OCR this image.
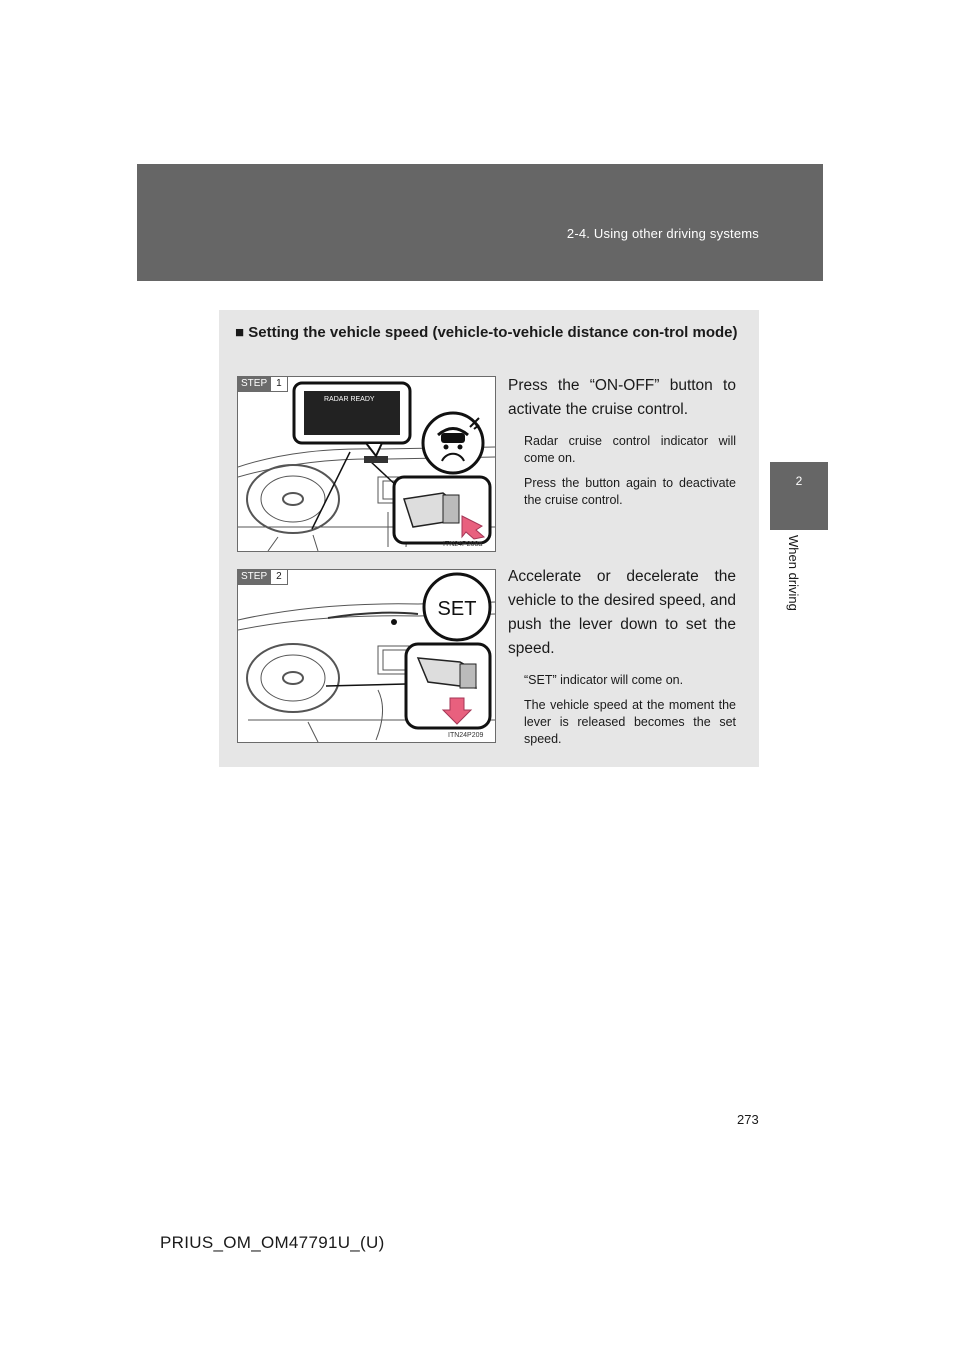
2-4. Using other driving systems
2
When driving
■ Setting the vehicle speed (vehicle-to-vehicle distance con-trol mode)
STEP 1
RADAR READY
ITN24P208a

Press the “ON-OFF” button to activate the cruise control.

Radar cruise control indicator will come on.

Press the button again to deactivate the cruise control.

STEP 2
SET
ITN24P209

Accelerate or decelerate the vehicle to the desired speed, and push the lever down to set the speed.

“SET” indicator will come on.

The vehicle speed at the moment the lever is released becomes the set speed.

273
PRIUS_OM_OM47791U_(U)
